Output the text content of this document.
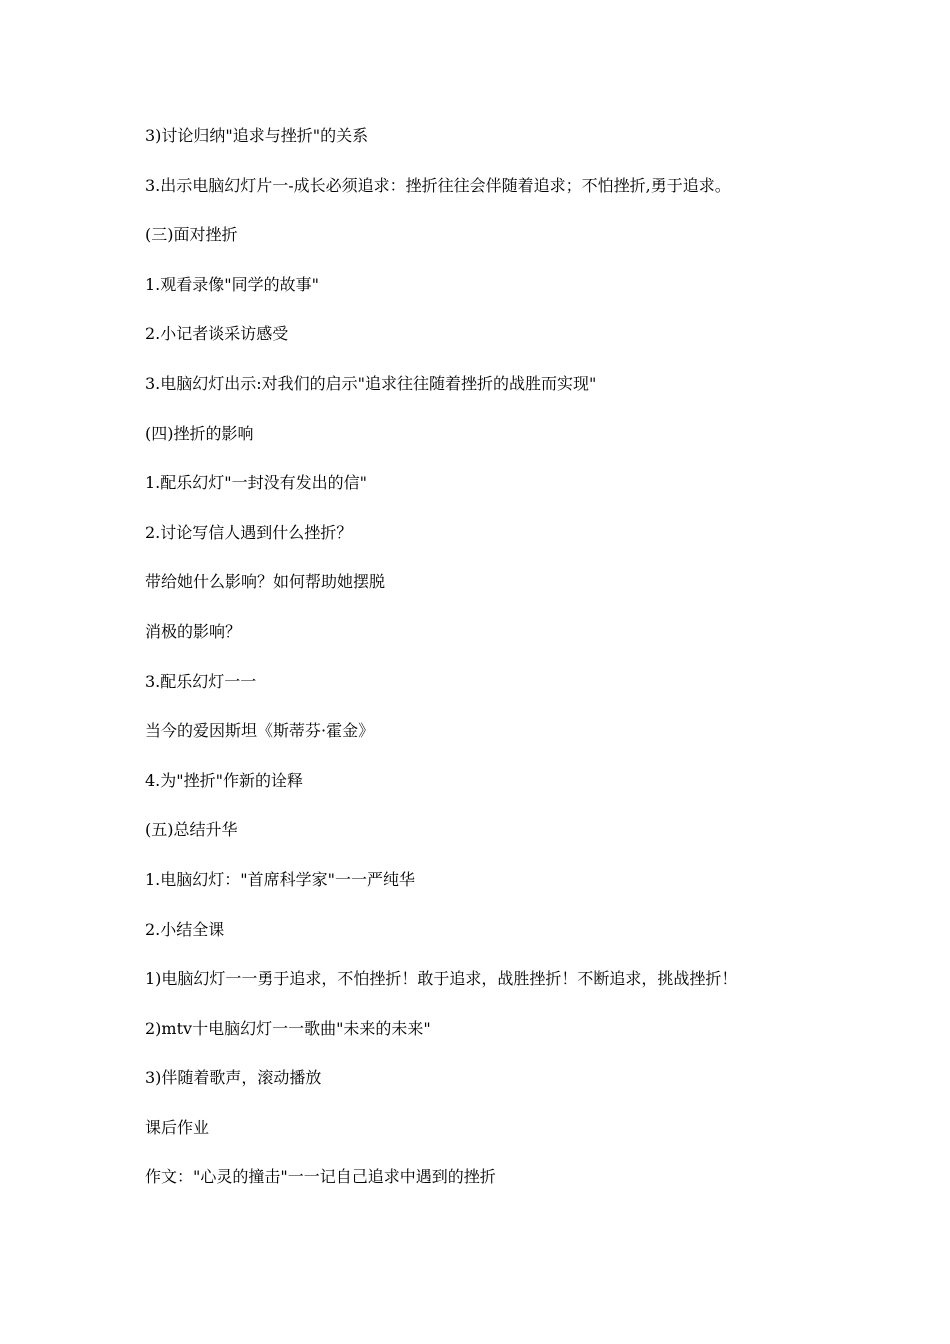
3)讨论归纳"追求与挫折"的关系

3.出示电脑幻灯片一-成长必须追求：挫折往往会伴随着追求；不怕挫折,勇于追求。

(三)面对挫折

1.观看录像"同学的故事"

2.小记者谈采访感受

3.电脑幻灯出示:对我们的启示"追求往往随着挫折的战胜而实现"

(四)挫折的影响

1.配乐幻灯"一封没有发出的信"

2.讨论写信人遇到什么挫折？

带给她什么影响？如何帮助她摆脱

消极的影响？

3.配乐幻灯一一

当今的爱因斯坦《斯蒂芬·霍金》

4.为"挫折"作新的诠释

(五)总结升华

1.电脑幻灯："首席科学家"一一严纯华

2.小结全课

1)电脑幻灯一一勇于追求，不怕挫折！敢于追求，战胜挫折！不断追求，挑战挫折！

2)mtv十电脑幻灯一一歌曲"未来的未来"

3)伴随着歌声，滚动播放

课后作业

作文："心灵的撞击"一一记自己追求中遇到的挫折
